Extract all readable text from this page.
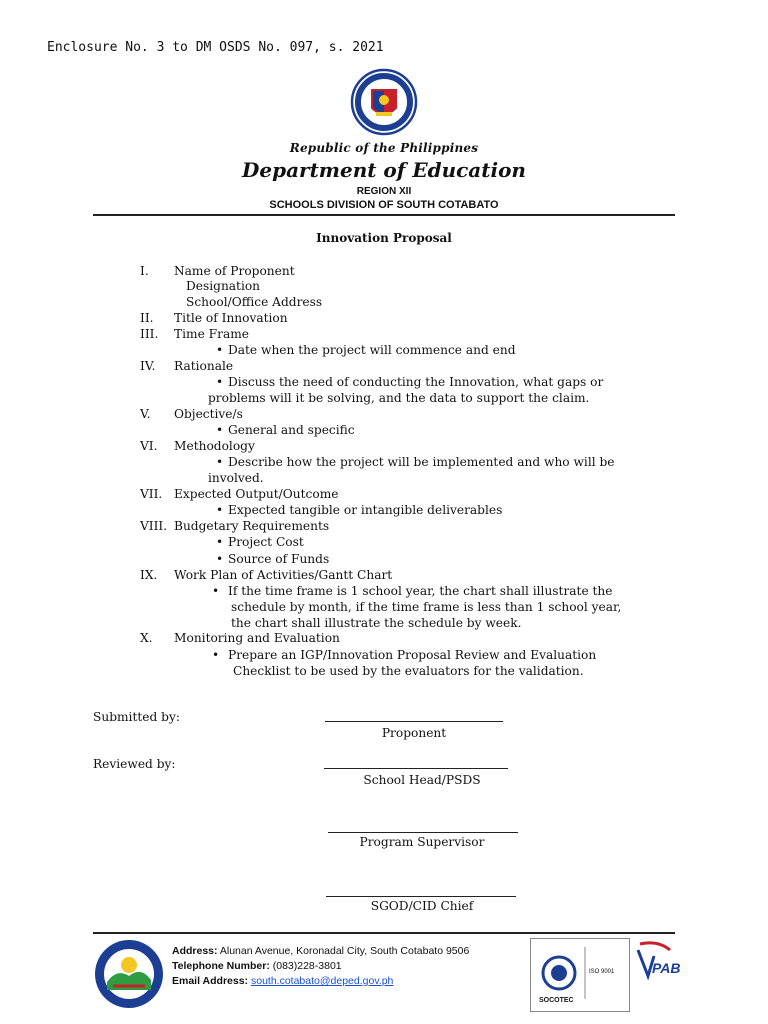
Enclosure No. 3 to DM OSDS No. 097, s. 2021
Republic of the Philippines
Department of Education
REGION XII
SCHOOLS DIVISION OF SOUTH COTABATO
Innovation Proposal
I. Name of Proponent
Designation
School/Office Address
II. Title of Innovation
III. Time Frame
• Date when the project will commence and end
IV. Rationale
• Discuss the need of conducting the Innovation, what gaps or
problems will it be solving, and the data to support the claim.
V. Objective/s
• General and specific
VI. Methodology
• Describe how the project will be implemented and who will be
involved.
VII. Expected Output/Outcome
• Expected tangible or intangible deliverables
VIII. Budgetary Requirements
• Project Cost
• Source of Funds
IX. Work Plan of Activities/Gantt Chart
• If the time frame is 1 school year, the chart shall illustrate the
schedule by month, if the time frame is less than 1 school year,
the chart shall illustrate the schedule by week.
X. Monitoring and Evaluation
• Prepare an IGP/Innovation Proposal Review and Evaluation
Checklist to be used by the evaluators for the validation.
Submitted by:
Proponent
Reviewed by:
School Head/PSDS
Program Supervisor
SGOD/CID Chief
Address: Alunan Avenue, Koronadal City, South Cotabato 9506
Telephone Number: (083)228-3801
Email Address: south.cotabato@deped.gov.ph
ISO 9001
SOCOTEC
PAB
